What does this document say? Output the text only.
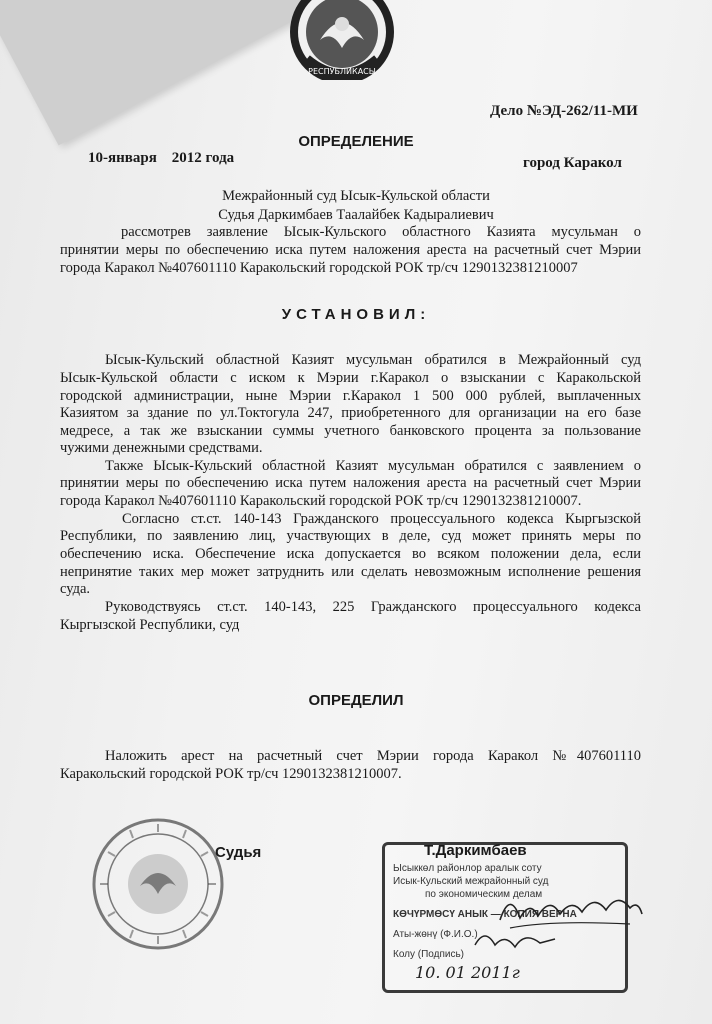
РЕСПУБЛИКАСЫ
Дело №ЭД-262/11-МИ
ОПРЕДЕЛЕНИЕ
10-января    2012 года	город Каракол
Межрайонный суд Ысык-Кульской области
Судья Даркимбаев Таалайбек Кадыралиевич
рассмотрев заявление Ысык-Кульского областного Казията мусульман о
принятии меры по обеспечению иска путем наложения ареста на расчетный счет Мэрии
города Каракол №407601110 Каракольский городской РОК тр/сч 1290132381210007
УСТАНОВИЛ:
Ысык-Кульский областной Казият мусульман обратился в Межрайонный суд
Ысык-Кульской области с иском к Мэрии г.Каракол о взыскании с Каракольской
городской администрации, ныне Мэрии г.Каракол 1 500 000 рублей, выплаченных
Казиятом за здание по ул.Токтогула 247, приобретенного для организации на его базе
медресе, а так же взыскании суммы учетного банковского процента за пользование
чужими денежными средствами.
Также Ысык-Кульский областной Казият мусульман обратился с заявлением о
принятии меры по обеспечению иска путем наложения ареста на расчетный счет Мэрии
города Каракол №407601110 Каракольский городской РОК тр/сч 1290132381210007.
Согласно ст.ст. 140-143 Гражданского процессуального кодекса Кыргызской
Республики, по заявлению лиц, участвующих в деле, суд может принять меры по
обеспечению иска. Обеспечение иска допускается во всяком положении дела, если
непринятие таких мер может затруднить или сделать невозможным исполнение решения
суда.
Руководствуясь ст.ст. 140-143, 225 Гражданского процессуального кодекса
Кыргызской Республики, суд
ОПРЕДЕЛИЛ
Наложить арест на расчетный счет Мэрии города Каракол №407601110
Каракольский городской РОК тр/сч 1290132381210007.
Судья
Ысыккөл районлор аралык соту
Исык-Кульский межрайонный суд
по экономическим делам
КӨЧҮРМӨСҮ АНЫК — КОПИЯ ВЕРНА
Аты-жөнү (Ф.И.О.)
Колу (Подпись)
10. 01 2011г
Т.Даркимбаев
